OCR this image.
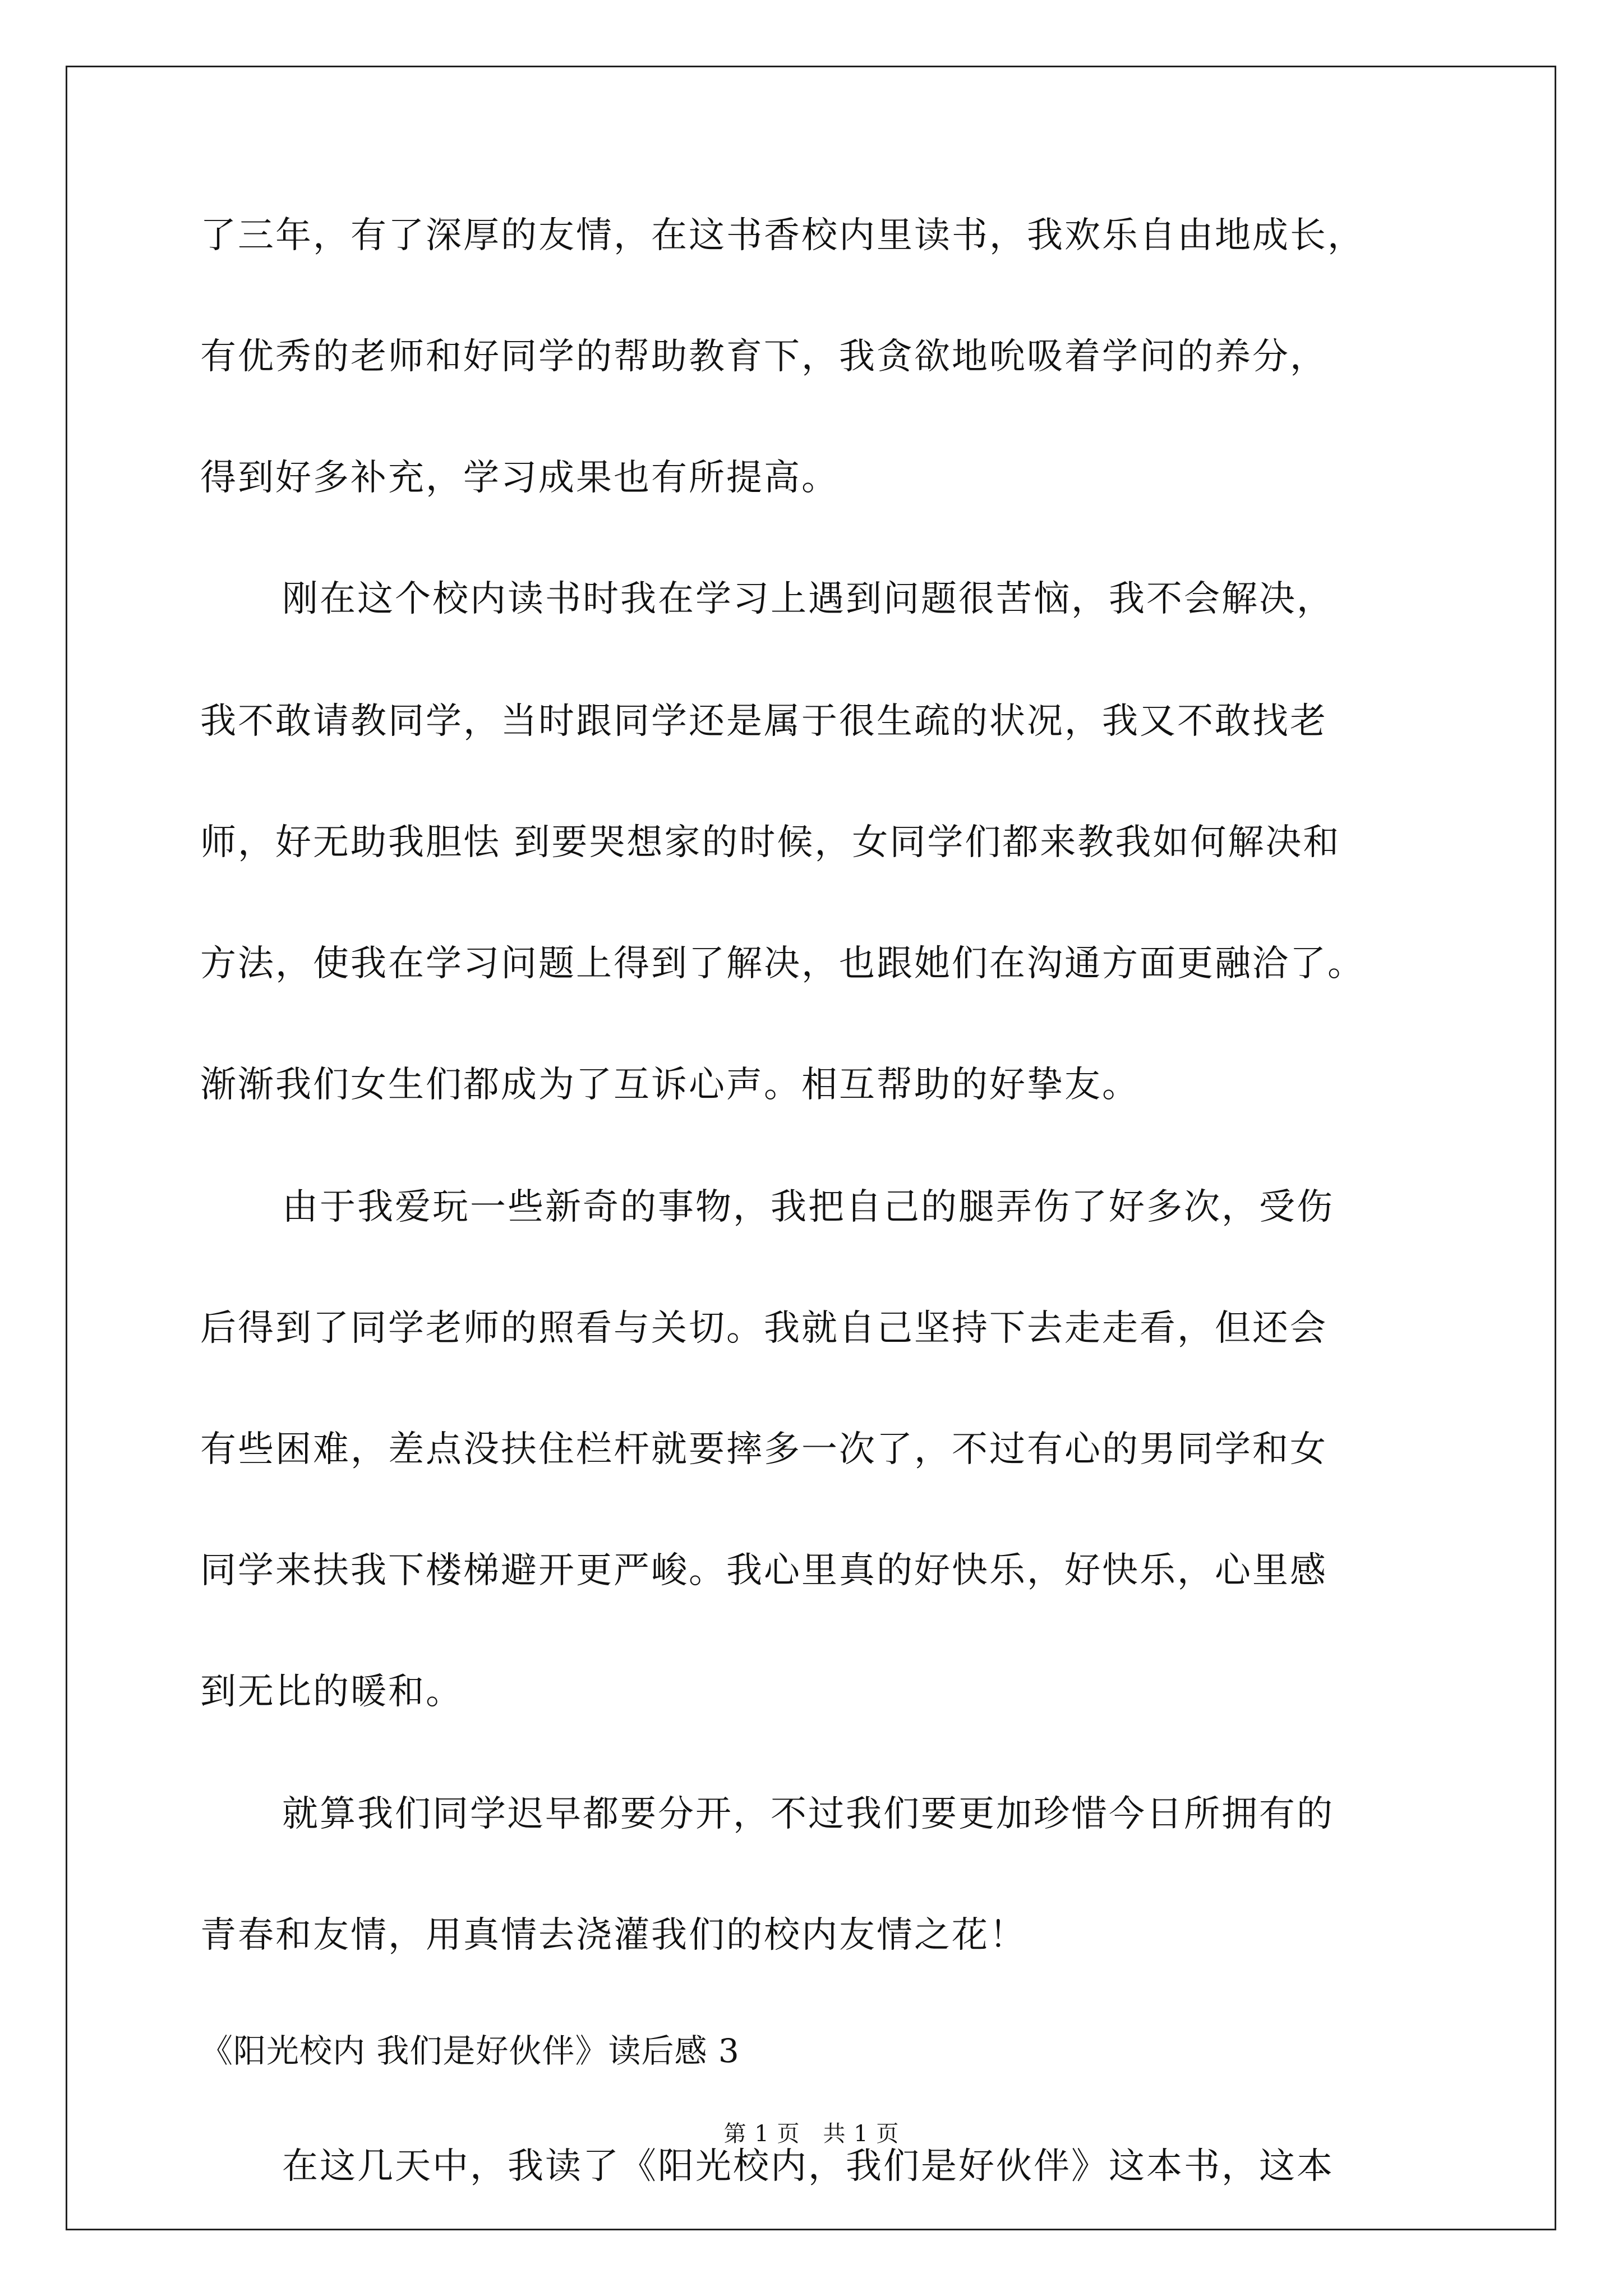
了三年，有了深厚的友情，在这书香校内里读书，我欢乐自由地成长，
有优秀的老师和好同学的帮助教育下，我贪欲地吮吸着学问的养分，
得到好多补充，学习成果也有所提高。
刚在这个校内读书时我在学习上遇到问题很苦恼，我不会解决，
我不敢请教同学，当时跟同学还是属于很生疏的状况，我又不敢找老
师，好无助我胆怯 到要哭想家的时候，女同学们都来教我如何解决和
方法，使我在学习问题上得到了解决，也跟她们在沟通方面更融洽了。
渐渐我们女生们都成为了互诉心声。相互帮助的好挚友。
由于我爱玩一些新奇的事物，我把自己的腿弄伤了好多次，受伤
后得到了同学老师的照看与关切。我就自己坚持下去走走看，但还会
有些困难，差点没扶住栏杆就要摔多一次了，不过有心的男同学和女
同学来扶我下楼梯避开更严峻。我心里真的好快乐，好快乐，心里感
到无比的暖和。
就算我们同学迟早都要分开，不过我们要更加珍惜今日所拥有的
青春和友情，用真情去浇灌我们的校内友情之花！
《阳光校内 我们是好伙伴》读后感 3
在这几天中，我读了《阳光校内，我们是好伙伴》这本书，这本
第 1 页　共 1 页
